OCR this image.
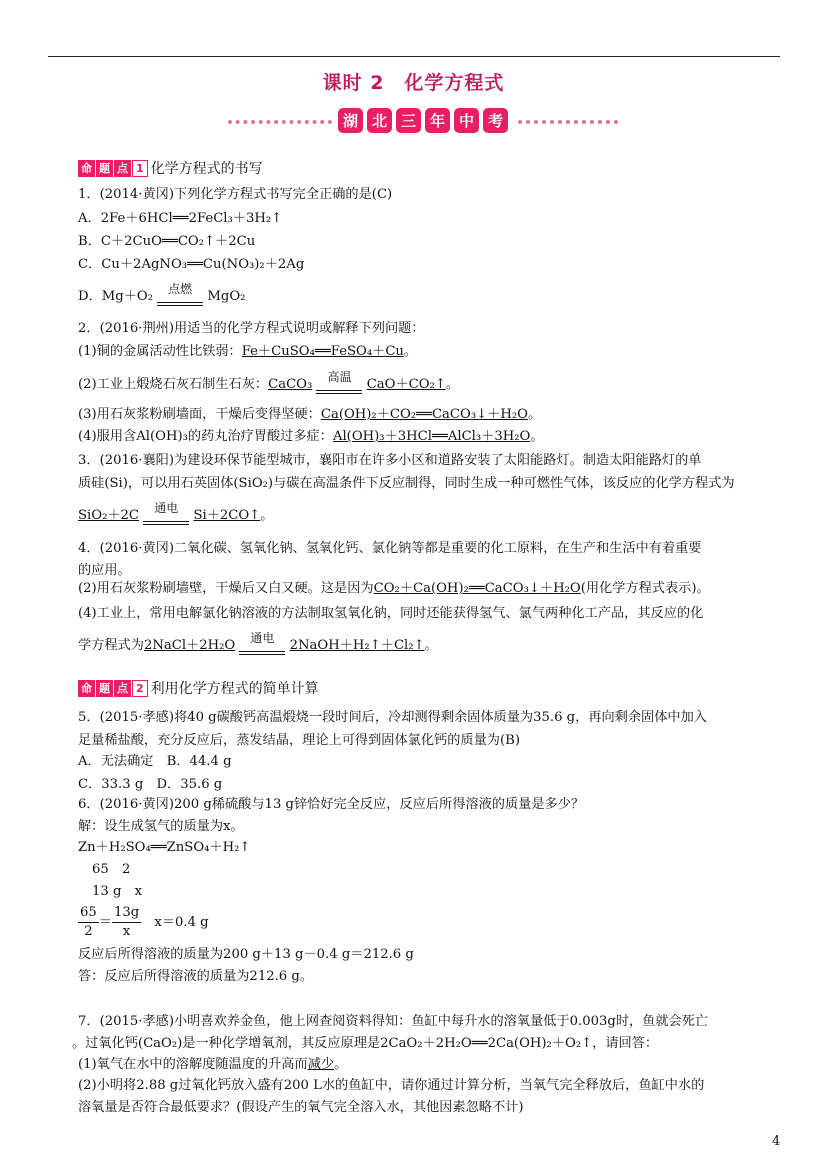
课时 2　化学方程式
湖 北 三 年 中 考
命 题 点 1 化学方程式的书写
1．(2014·黄冈)下列化学方程式书写完全正确的是(C)
A．2Fe＋6HCl══2FeCl₃＋3H₂↑
B．C＋2CuO══CO₂↑＋2Cu
C．Cu＋2AgNO₃══Cu(NO₃)₂＋2Ag
D．Mg＋O₂ 点燃 MgO₂
2．(2016·荆州)用适当的化学方程式说明或解释下列问题：
(1)铜的金属活动性比铁弱：Fe＋CuSO₄══FeSO₄＋Cu。
(2)工业上煅烧石灰石制生石灰：CaCO₃	高温	CaO＋CO₂↑。
(3)用石灰浆粉刷墙面，干燥后变得坚硬：Ca(OH)₂＋CO₂══CaCO₃↓＋H₂O。
(4)服用含Al(OH)₃的药丸治疗胃酸过多症：Al(OH)₃＋3HCl══AlCl₃＋3H₂O。
3．(2016·襄阳)为建设环保节能型城市，襄阳市在许多小区和道路安装了太阳能路灯。制造太阳能路灯的单
质硅(Si)，可以用石英固体(SiO₂)与碳在高温条件下反应制得，同时生成一种可燃性气体，该反应的化学方程式为
SiO₂＋2C	通电	Si＋2CO↑。
4．(2016·黄冈)二氧化碳、氢氧化钠、氢氧化钙、氯化钠等都是重要的化工原料，在生产和生活中有着重要
的应用。
(2)用石灰浆粉刷墙壁，干燥后又白又硬。这是因为CO₂＋Ca(OH)₂══CaCO₃↓＋H₂O(用化学方程式表示)。
(4)工业上，常用电解氯化钠溶液的方法制取氢氧化钠，同时还能获得氢气、氯气两种化工产品，其反应的化
学方程式为2NaCl＋2H₂O	通电	2NaOH＋H₂↑＋Cl₂↑。
命 题 点 2 利用化学方程式的简单计算
5．(2015·孝感)将40 g碳酸钙高温煅烧一段时间后，冷却测得剩余固体质量为35.6 g，再向剩余固体中加入
足量稀盐酸，充分反应后，蒸发结晶，理论上可得到固体氯化钙的质量为(B)
A．无法确定　B．44.4 g
C．33.3 g　D．35.6 g
6．(2016·黄冈)200 g稀硫酸与13 g锌恰好完全反应，反应后所得溶液的质量是多少？
解：设生成氢气的质量为x。
Zn＋H₂SO₄══ZnSO₄＋H₂↑
65　2
13 g　x
$\frac{65}{2} = \frac{13g}{x}$
　 x＝0.4 g
反应后所得溶液的质量为200 g＋13 g－0.4 g＝212.6 g
答：反应后所得溶液的质量为212.6 g。
7．(2015·孝感)小明喜欢养金鱼，他上网查阅资料得知：鱼缸中每升水的溶氧量低于0.003g时，鱼就会死亡
。过氧化钙(CaO₂)是一种化学增氧剂，其反应原理是2CaO₂＋2H₂O══2Ca(OH)₂＋O₂↑，请回答：
(1)氧气在水中的溶解度随温度的升高而减少。
(2)小明将2.88 g过氧化钙放入盛有200 L水的鱼缸中，请你通过计算分析，当氧气完全释放后，鱼缸中水的
溶氧量是否符合最低要求？(假设产生的氧气完全溶入水，其他因素忽略不计)
4
